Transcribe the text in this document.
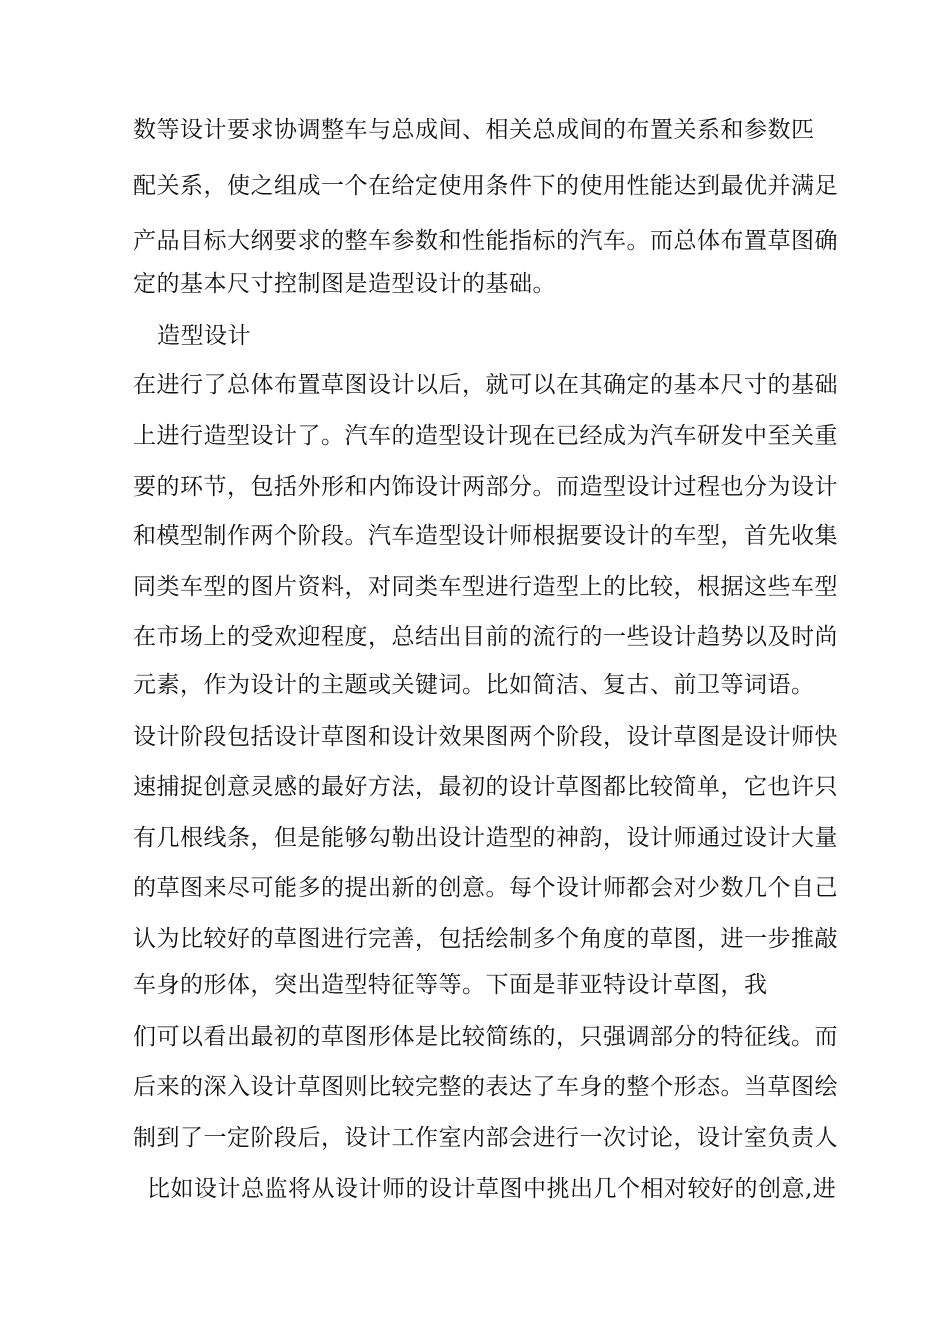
数等设计要求协调整车与总成间、相关总成间的布置关系和参数匹
配关系，使之组成一个在给定使用条件下的使用性能达到最优并满足
产品目标大纲要求的整车参数和性能指标的汽车。而总体布置草图确
定的基本尺寸控制图是造型设计的基础。
造型设计
在进行了总体布置草图设计以后，就可以在其确定的基本尺寸的基础
上进行造型设计了。汽车的造型设计现在已经成为汽车研发中至关重
要的环节，包括外形和内饰设计两部分。而造型设计过程也分为设计
和模型制作两个阶段。汽车造型设计师根据要设计的车型，首先收集
同类车型的图片资料，对同类车型进行造型上的比较，根据这些车型
在市场上的受欢迎程度，总结出目前的流行的一些设计趋势以及时尚
元素，作为设计的主题或关键词。比如简洁、复古、前卫等词语。
设计阶段包括设计草图和设计效果图两个阶段，设计草图是设计师快
速捕捉创意灵感的最好方法，最初的设计草图都比较简单，它也许只
有几根线条，但是能够勾勒出设计造型的神韵，设计师通过设计大量
的草图来尽可能多的提出新的创意。每个设计师都会对少数几个自己
认为比较好的草图进行完善，包括绘制多个角度的草图，进一步推敲
车身的形体，突出造型特征等等。下面是菲亚特设计草图，我
们可以看出最初的草图形体是比较简练的，只强调部分的特征线。而
后来的深入设计草图则比较完整的表达了车身的整个形态。当草图绘
制到了一定阶段后，设计工作室内部会进行一次讨论，设计室负责人
比如设计总监将从设计师的设计草图中挑出几个相对较好的创意,进
